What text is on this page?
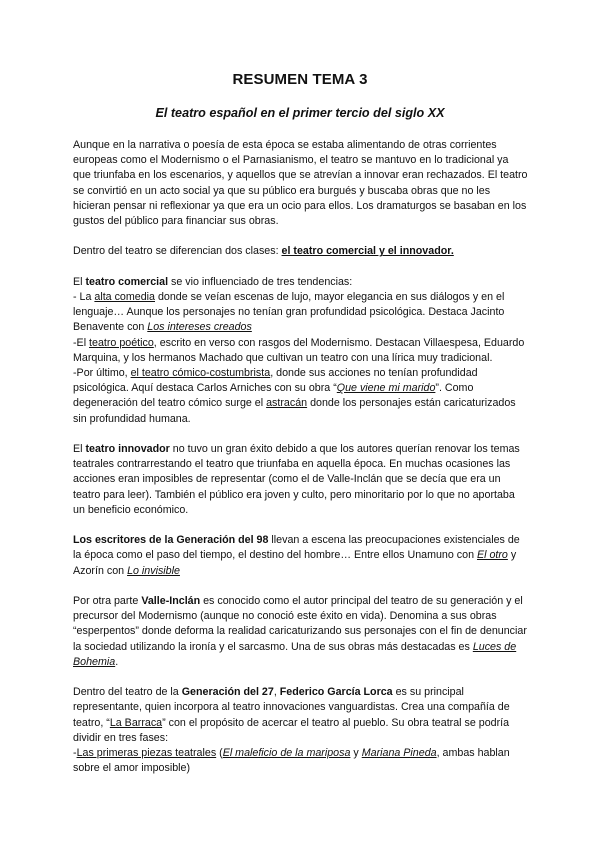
RESUMEN TEMA 3
El teatro español en el primer tercio del siglo XX

Aunque en la narrativa o poesía de esta época se estaba alimentando de otras corrientes europeas como el Modernismo o el Parnasianismo, el teatro se mantuvo en lo tradicional ya que triunfaba en los escenarios, y aquellos que se atrevían a innovar eran rechazados. El teatro se convirtió en un acto social ya que su público era burgués y buscaba obras que no les hicieran pensar ni reflexionar ya que era un ocio para ellos. Los dramaturgos se basaban en los gustos del público para financiar sus obras.

Dentro del teatro se diferencian dos clases: el teatro comercial y el innovador.

El teatro comercial se vio influenciado de tres tendencias:
- La alta comedia donde se veían escenas de lujo, mayor elegancia en sus diálogos y en el lenguaje… Aunque los personajes no tenían gran profundidad psicológica. Destaca Jacinto Benavente con Los intereses creados
-El teatro poético, escrito en verso con rasgos del Modernismo. Destacan Villaespesa, Eduardo Marquina, y los hermanos Machado que cultivan un teatro con una lírica muy tradicional.
-Por último, el teatro cómico-costumbrista, donde sus acciones no tenían profundidad psicológica. Aquí destaca Carlos Arniches con su obra “Que viene mi marido”. Como degeneración del teatro cómico surge el astracán donde los personajes están caricaturizados sin profundidad humana.

El teatro innovador no tuvo un gran éxito debido a que los autores querían renovar los temas teatrales contrarrestando el teatro que triunfaba en aquella época. En muchas ocasiones las acciones eran imposibles de representar (como el de Valle-Inclán que se decía que era un teatro para leer). También el público era joven y culto, pero minoritario por lo que no aportaba un beneficio económico.

Los escritores de la Generación del 98 llevan a escena las preocupaciones existenciales de la época como el paso del tiempo, el destino del hombre… Entre ellos Unamuno con El otro y Azorín con Lo invisible

Por otra parte Valle-Inclán es conocido como el autor principal del teatro de su generación y el precursor del Modernismo (aunque no conoció este éxito en vida). Denomina a sus obras “esperpentos” donde deforma la realidad caricaturizando sus personajes con el fin de denunciar la sociedad utilizando la ironía y el sarcasmo. Una de sus obras más destacadas es Luces de Bohemia.

Dentro del teatro de la Generación del 27, Federico García Lorca es su principal representante, quien incorpora al teatro innovaciones vanguardistas. Crea una compañía de teatro, “La Barraca” con el propósito de acercar el teatro al pueblo. Su obra teatral se podría dividir en tres fases:
-Las primeras piezas teatrales (El maleficio de la mariposa y Mariana Pineda, ambas hablan sobre el amor imposible)
